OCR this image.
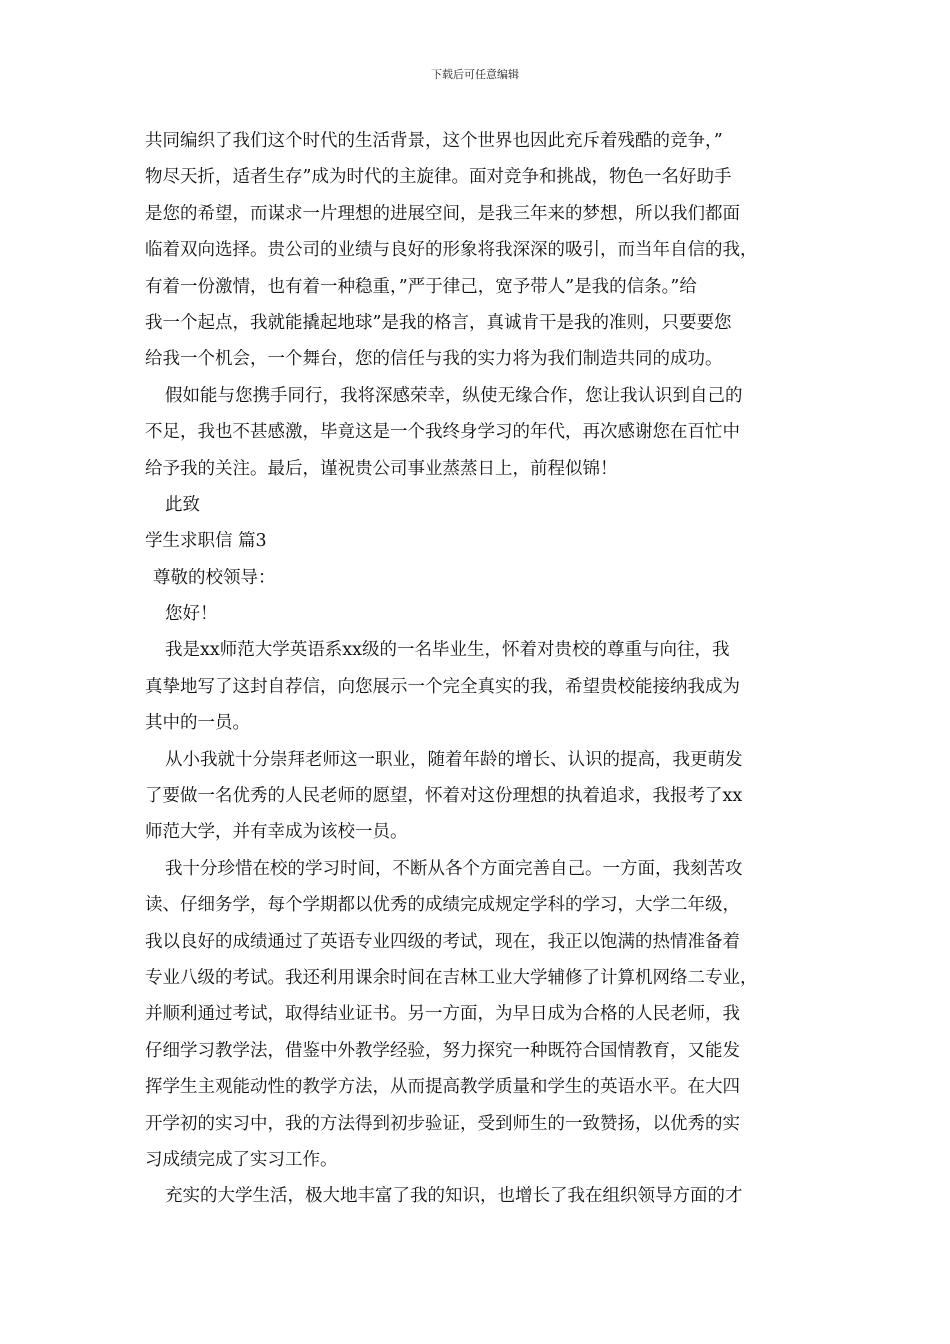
下载后可任意编辑
共同编织了我们这个时代的生活背景，这个世界也因此充斥着残酷的竞争，”
物尽天折，适者生存”成为时代的主旋律。面对竞争和挑战，物色一名好助手
是您的希望，而谋求一片理想的进展空间，是我三年来的梦想，所以我们都面
临着双向选择。贵公司的业绩与良好的形象将我深深的吸引，而当年自信的我，
有着一份激情，也有着一种稳重，”严于律己，宽予带人”是我的信条。”给
我一个起点，我就能撬起地球”是我的格言，真诚肯干是我的准则，只要要您
给我一个机会，一个舞台，您的信任与我的实力将为我们制造共同的成功。
假如能与您携手同行，我将深感荣幸，纵使无缘合作，您让我认识到自己的
不足，我也不甚感激，毕竟这是一个我终身学习的年代，再次感谢您在百忙中
给予我的关注。最后，谨祝贵公司事业蒸蒸日上，前程似锦！
此致
学生求职信 篇3
尊敬的校领导：
您好！
我是xx师范大学英语系xx级的一名毕业生，怀着对贵校的尊重与向往，我
真挚地写了这封自荐信，向您展示一个完全真实的我，希望贵校能接纳我成为
其中的一员。
从小我就十分崇拜老师这一职业，随着年龄的增长、认识的提高，我更萌发
了要做一名优秀的人民老师的愿望，怀着对这份理想的执着追求，我报考了xx
师范大学，并有幸成为该校一员。
我十分珍惜在校的学习时间，不断从各个方面完善自己。一方面，我刻苦攻
读、仔细务学，每个学期都以优秀的成绩完成规定学科的学习，大学二年级，
我以良好的成绩通过了英语专业四级的考试，现在，我正以饱满的热情准备着
专业八级的考试。我还利用课余时间在吉林工业大学辅修了计算机网络二专业，
并顺利通过考试，取得结业证书。另一方面，为早日成为合格的人民老师，我
仔细学习教学法，借鉴中外教学经验，努力探究一种既符合国情教育，又能发
挥学生主观能动性的教学方法，从而提高教学质量和学生的英语水平。在大四
开学初的实习中，我的方法得到初步验证，受到师生的一致赞扬，以优秀的实
习成绩完成了实习工作。
充实的大学生活，极大地丰富了我的知识，也增长了我在组织领导方面的才
